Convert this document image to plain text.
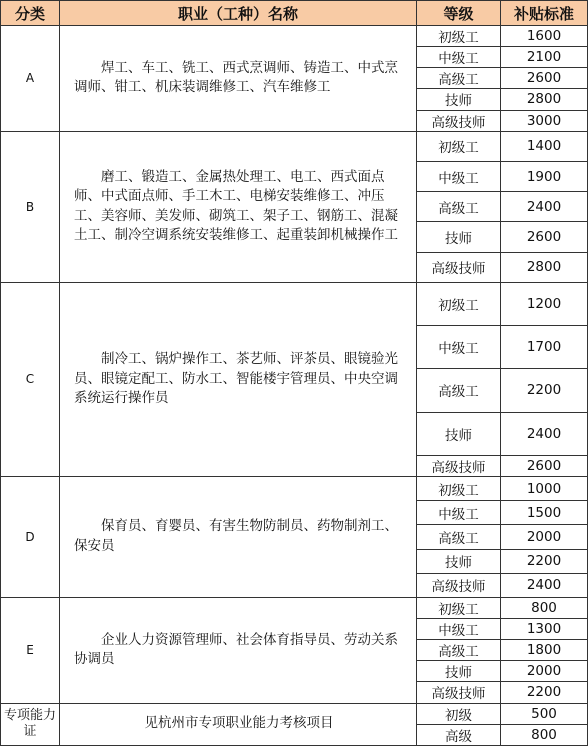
分类	职业（工种）名称	等级	补贴标准
A	焊工、车工、铣工、西式烹调师、铸造工、中式烹调师、钳工、机床装调维修工、汽车维修工	初级工	1600
		中级工	2100
		高级工	2600
		技师	2800
		高级技师	3000
B	磨工、锻造工、金属热处理工、电工、西式面点师、中式面点师、手工木工、电梯安装维修工、冲压工、美容师、美发师、砌筑工、架子工、钢筋工、混凝土工、制冷空调系统安装维修工、起重装卸机械操作工	初级工	1400
		中级工	1900
		高级工	2400
		技师	2600
		高级技师	2800
C	制冷工、锅炉操作工、茶艺师、评茶员、眼镜验光员、眼镜定配工、防水工、智能楼宇管理员、中央空调系统运行操作员	初级工	1200
		中级工	1700
		高级工	2200
		技师	2400
		高级技师	2600
D	保育员、育婴员、有害生物防制员、药物制剂工、保安员	初级工	1000
		中级工	1500
		高级工	2000
		技师	2200
		高级技师	2400
E	企业人力资源管理师、社会体育指导员、劳动关系协调员	初级工	800
		中级工	1300
		高级工	1800
		技师	2000
		高级技师	2200
专项能力证	见杭州市专项职业能力考核项目	初级	500
		高级	800
